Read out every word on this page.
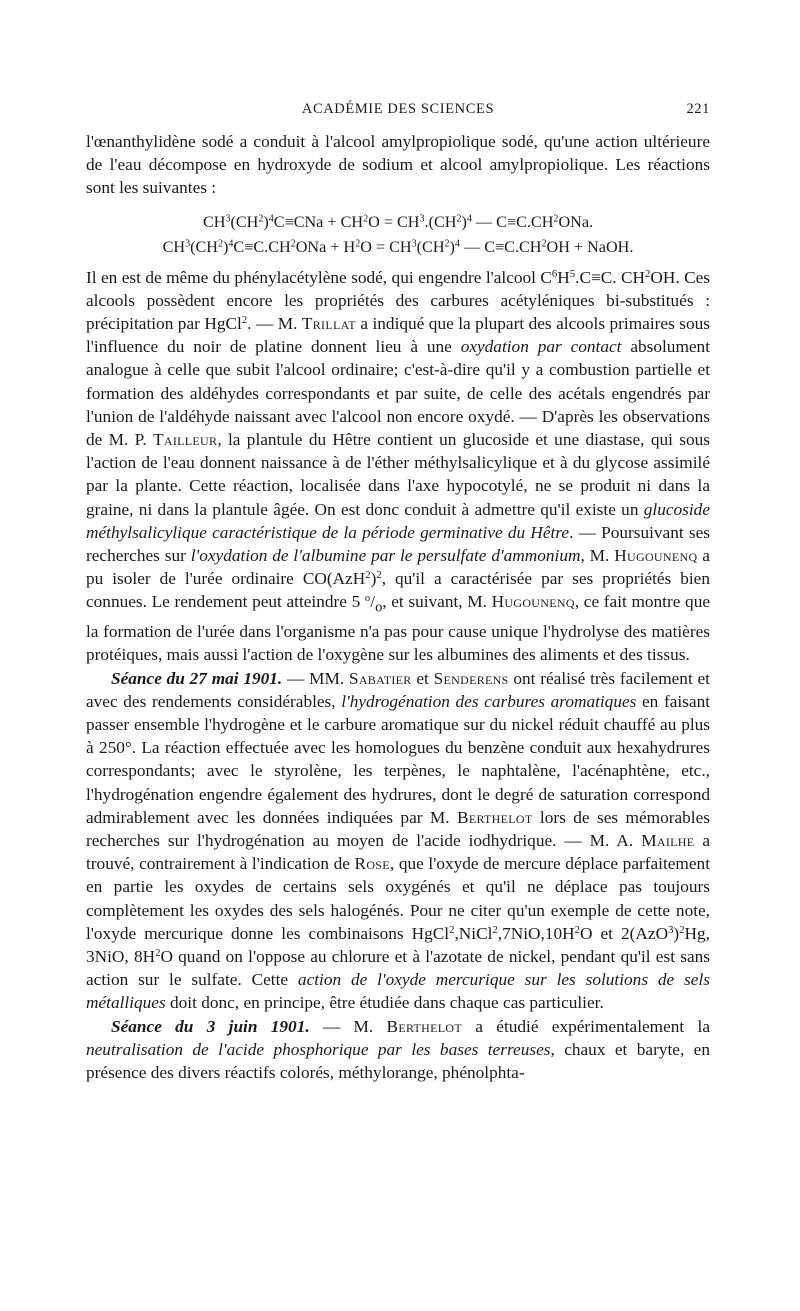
ACADÉMIE DES SCIENCES	221

l'œnanthylidène sodé a conduit à l'alcool amylpropiolique sodé, qu'une action ultérieure de l'eau décompose en hydroxyde de sodium et alcool amylpropiolique. Les réactions sont les suivantes :

$CH^3(CH^2)^4C\equiv CNa + CH^2O = CH^3.(CH^2)^4$ — $C\equiv C.CH^2ONa$.
$CH^3(CH^2)^4C\equiv C.CH^2ONa + H^2O = CH^3(CH^2)^4$ — $C\equiv C.CH^2OH$ + NaOH.

Il en est de même du phénylacétylène sodé, qui engendre l'alcool $C^6H^5.C\equiv C$. $CH^2OH$. Ces alcools possèdent encore les propriétés des carbures acétyléniques bi-substitués : précipitation par HgCl$^2$. — M. Trillat a indiqué que la plupart des alcools primaires sous l'influence du noir de platine donnent lieu à une oxydation par contact absolument analogue à celle que subit l'alcool ordinaire; c'est-à-dire qu'il y a combustion partielle et formation des aldéhydes correspondants et par suite, de celle des acétals engendrés par l'union de l'aldéhyde naissant avec l'alcool non encore oxydé. — D'après les observations de M. P. Tailleur, la plantule du Hêtre contient un glucoside et une diastase, qui sous l'action de l'eau donnent naissance à de l'éther méthylsalicylique et à du glycose assimilé par la plante. Cette réaction, localisée dans l'axe hypocotylé, ne se produit ni dans la graine, ni dans la plantule âgée. On est donc conduit à admettre qu'il existe un glucoside méthylsalicylique caractéristique de la période germinative du Hêtre. — Poursuivant ses recherches sur l'oxydation de l'albumine par le persulfate d'ammonium, M. Hugounenq a pu isoler de l'urée ordinaire $CO(AzH^2)^2$, qu'il a caractérisée par ses propriétés bien connues. Le rendement peut atteindre 5 $^o/_o$, et suivant, M. Hugounenq, ce fait montre que la formation de l'urée dans l'organisme n'a pas pour cause unique l'hydrolyse des matières protéiques, mais aussi l'action de l'oxygène sur les albumines des aliments et des tissus.

Séance du 27 mai 1901. — MM. Sabatier et Senderens ont réalisé très facilement et avec des rendements considérables, l'hydrogénation des carbures aromatiques en faisant passer ensemble l'hydrogène et le carbure aromatique sur du nickel réduit chauffé au plus à 250°. La réaction effectuée avec les homologues du benzène conduit aux hexahydrures correspondants; avec le styrolène, les terpènes, le naphtalène, l'acénaphtène, etc., l'hydrogénation engendre également des hydrures, dont le degré de saturation correspond admirablement avec les données indiquées par M. Berthelot lors de ses mémorables recherches sur l'hydrogénation au moyen de l'acide iodhydrique. — M. A. Mailhe a trouvé, contrairement à l'indication de Rose, que l'oxyde de mercure déplace parfaitement en partie les oxydes de certains sels oxygénés et qu'il ne déplace pas toujours complètement les oxydes des sels halogénés. Pour ne citer qu'un exemple de cette note, l'oxyde mercurique donne les combinaisons $HgCl^2,NiCl^2,7NiO,10H^2O$ et $2(AzO^3)^2Hg$, 3NiO, $8H^2O$ quand on l'oppose au chlorure et à l'azotate de nickel, pendant qu'il est sans action sur le sulfate. Cette action de l'oxyde mercurique sur les solutions de sels métalliques doit donc, en principe, être étudiée dans chaque cas particulier.

Séance du 3 juin 1901. — M. Berthelot a étudié expérimentalement la neutralisation de l'acide phosphorique par les bases terreuses, chaux et baryte, en présence des divers réactifs colorés, méthylorange, phénolphta-
